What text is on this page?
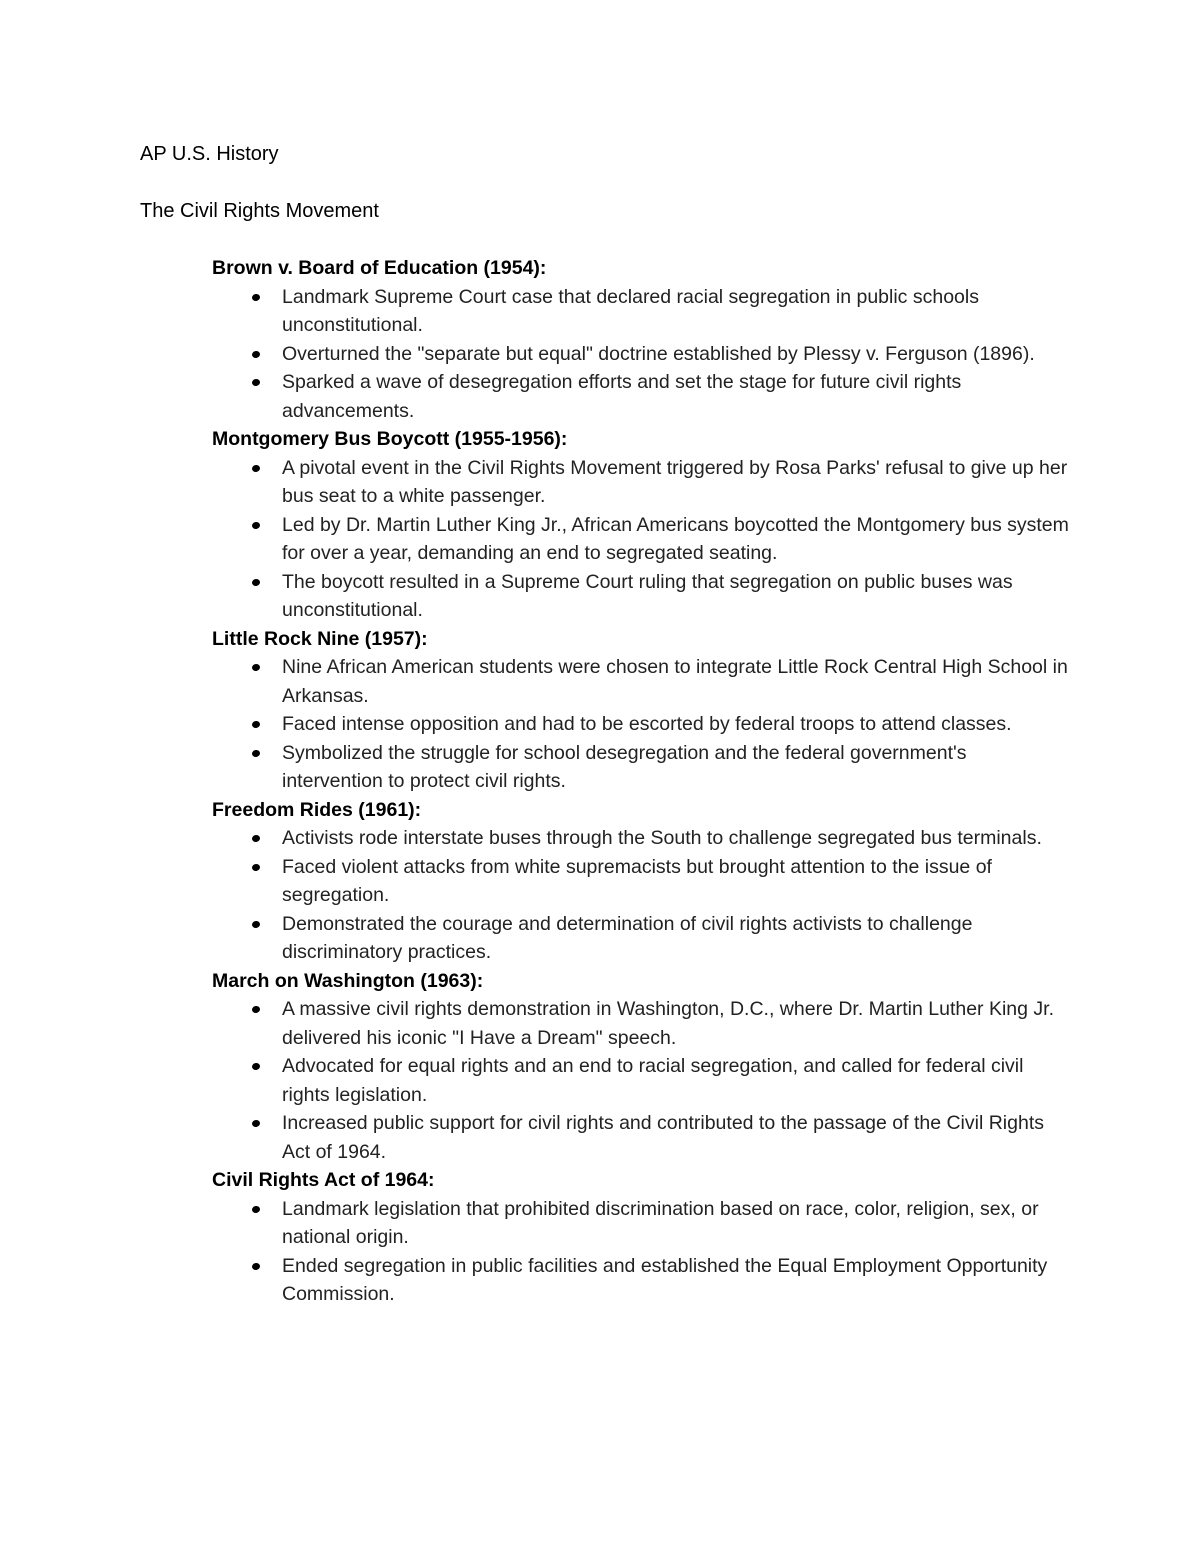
AP U.S. History
The Civil Rights Movement
Brown v. Board of Education (1954):
Landmark Supreme Court case that declared racial segregation in public schools unconstitutional.
Overturned the "separate but equal" doctrine established by Plessy v. Ferguson (1896).
Sparked a wave of desegregation efforts and set the stage for future civil rights advancements.
Montgomery Bus Boycott (1955-1956):
A pivotal event in the Civil Rights Movement triggered by Rosa Parks' refusal to give up her bus seat to a white passenger.
Led by Dr. Martin Luther King Jr., African Americans boycotted the Montgomery bus system for over a year, demanding an end to segregated seating.
The boycott resulted in a Supreme Court ruling that segregation on public buses was unconstitutional.
Little Rock Nine (1957):
Nine African American students were chosen to integrate Little Rock Central High School in Arkansas.
Faced intense opposition and had to be escorted by federal troops to attend classes.
Symbolized the struggle for school desegregation and the federal government's intervention to protect civil rights.
Freedom Rides (1961):
Activists rode interstate buses through the South to challenge segregated bus terminals.
Faced violent attacks from white supremacists but brought attention to the issue of segregation.
Demonstrated the courage and determination of civil rights activists to challenge discriminatory practices.
March on Washington (1963):
A massive civil rights demonstration in Washington, D.C., where Dr. Martin Luther King Jr. delivered his iconic "I Have a Dream" speech.
Advocated for equal rights and an end to racial segregation, and called for federal civil rights legislation.
Increased public support for civil rights and contributed to the passage of the Civil Rights Act of 1964.
Civil Rights Act of 1964:
Landmark legislation that prohibited discrimination based on race, color, religion, sex, or national origin.
Ended segregation in public facilities and established the Equal Employment Opportunity Commission.
